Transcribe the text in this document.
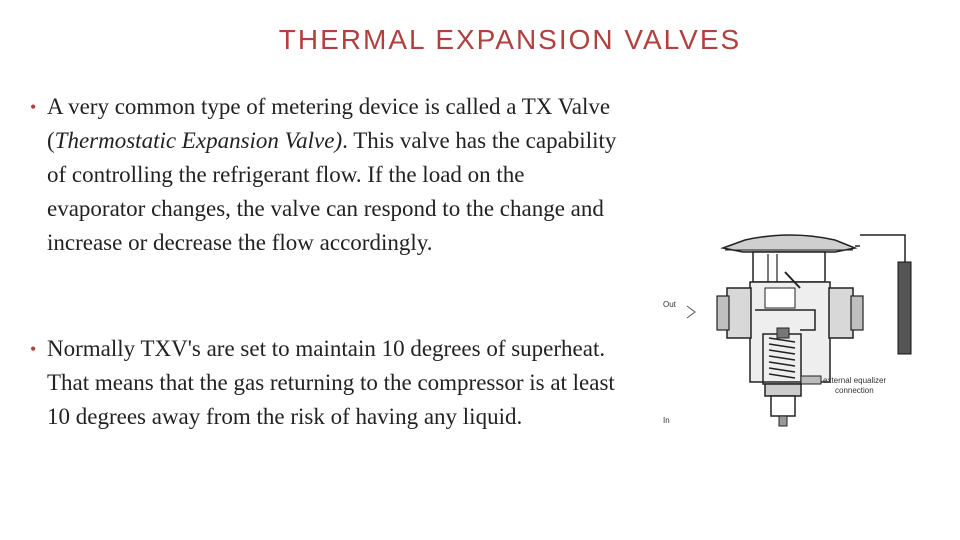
THERMAL EXPANSION VALVES
• A very common type of metering device is called a TX Valve (Thermostatic Expansion Valve). This valve has the capability of controlling the refrigerant flow. If the load on the evaporator changes, the valve can respond to the change and increase or decrease the flow accordingly.
• Normally TXV's are set to maintain 10 degrees of superheat. That means that the gas returning to the compressor is at least 10 degrees away from the risk of having any liquid.
Out
In
external equalizer
connection
